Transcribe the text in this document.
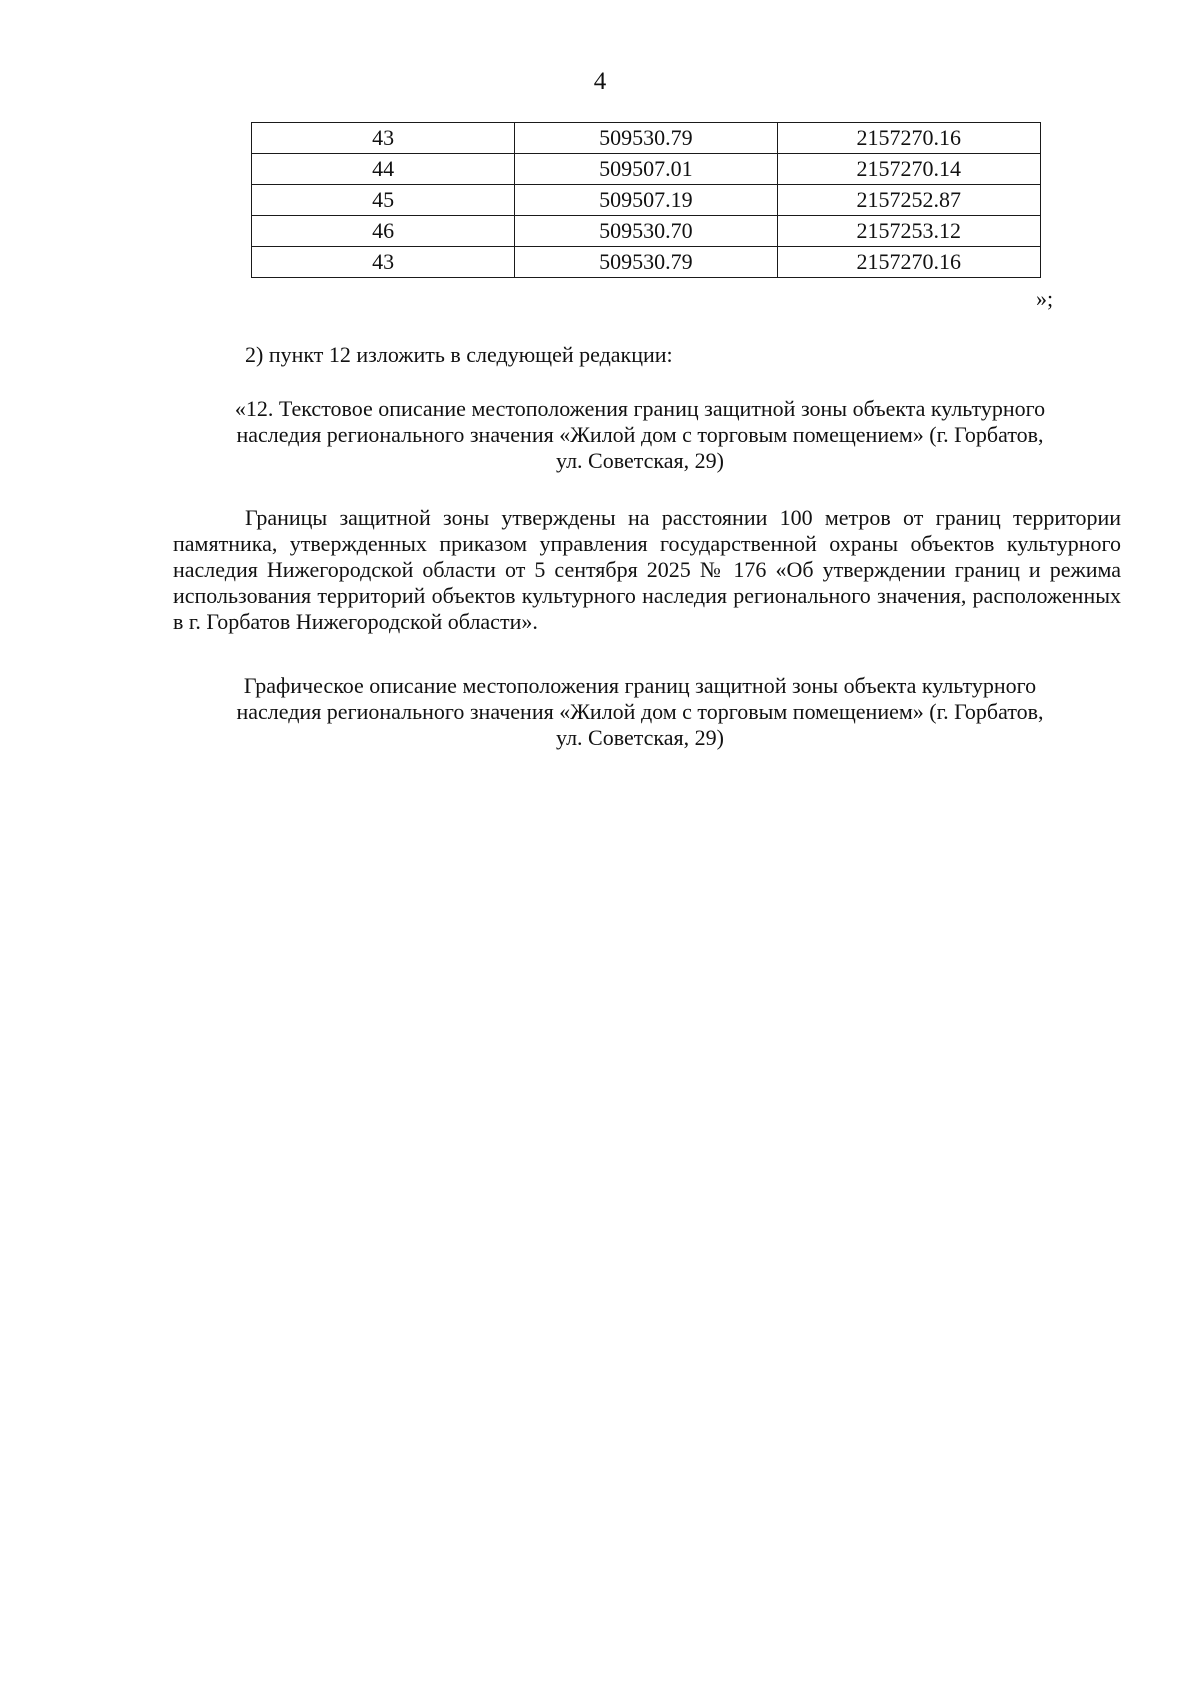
4
43	509530.79	2157270.16
44	509507.01	2157270.14
45	509507.19	2157252.87
46	509530.70	2157253.12
43	509530.79	2157270.16
»;
2) пункт 12 изложить в следующей редакции:
«12. Текстовое описание местоположения границ защитной зоны объекта культурного
наследия регионального значения «Жилой дом с торговым помещением» (г. Горбатов,
ул. Советская, 29)
Границы защитной зоны утверждены на расстоянии 100 метров от границ территории памятника, утвержденных приказом управления государственной охраны объектов культурного наследия Нижегородской области от 5 сентября 2025 № 176 «Об утверждении границ и режима использования территорий объектов культурного наследия регионального значения, расположенных в г. Горбатов Нижегородской области».
Графическое описание местоположения границ защитной зоны объекта культурного
наследия регионального значения «Жилой дом с торговым помещением» (г. Горбатов,
ул. Советская, 29)
